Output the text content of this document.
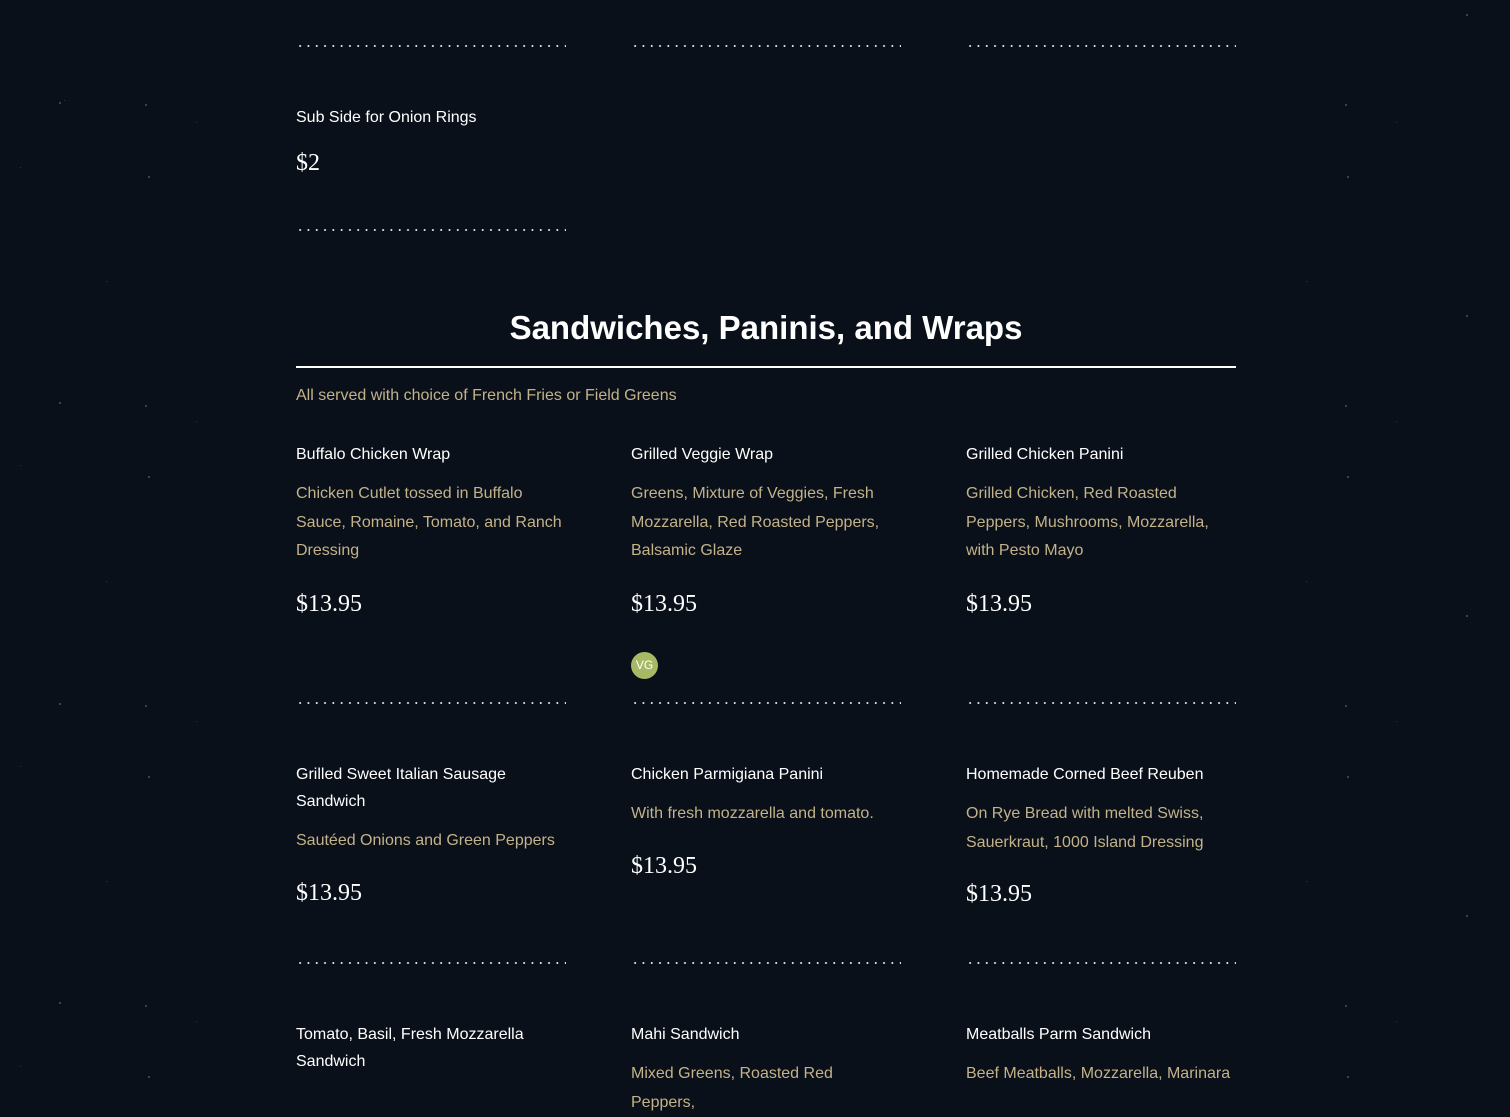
Sub Side for Onion Rings
$2
Sandwiches, Paninis, and Wraps
All served with choice of French Fries or Field Greens
Buffalo Chicken Wrap
Chicken Cutlet tossed in Buffalo Sauce, Romaine, Tomato, and Ranch Dressing
$13.95
Grilled Veggie Wrap
Greens, Mixture of Veggies, Fresh Mozzarella, Red Roasted Peppers, Balsamic Glaze
$13.95
VG
Grilled Chicken Panini
Grilled Chicken, Red Roasted Peppers, Mushrooms, Mozzarella, with Pesto Mayo
$13.95
Grilled Sweet Italian Sausage Sandwich
Sautéed Onions and Green Peppers
$13.95
Chicken Parmigiana Panini
With fresh mozzarella and tomato.
$13.95
Homemade Corned Beef Reuben
On Rye Bread with melted Swiss, Sauerkraut, 1000 Island Dressing
$13.95
Tomato, Basil, Fresh Mozzarella Sandwich
Mahi Sandwich
Mixed Greens, Roasted Red Peppers,
Meatballs Parm Sandwich
Beef Meatballs, Mozzarella, Marinara
